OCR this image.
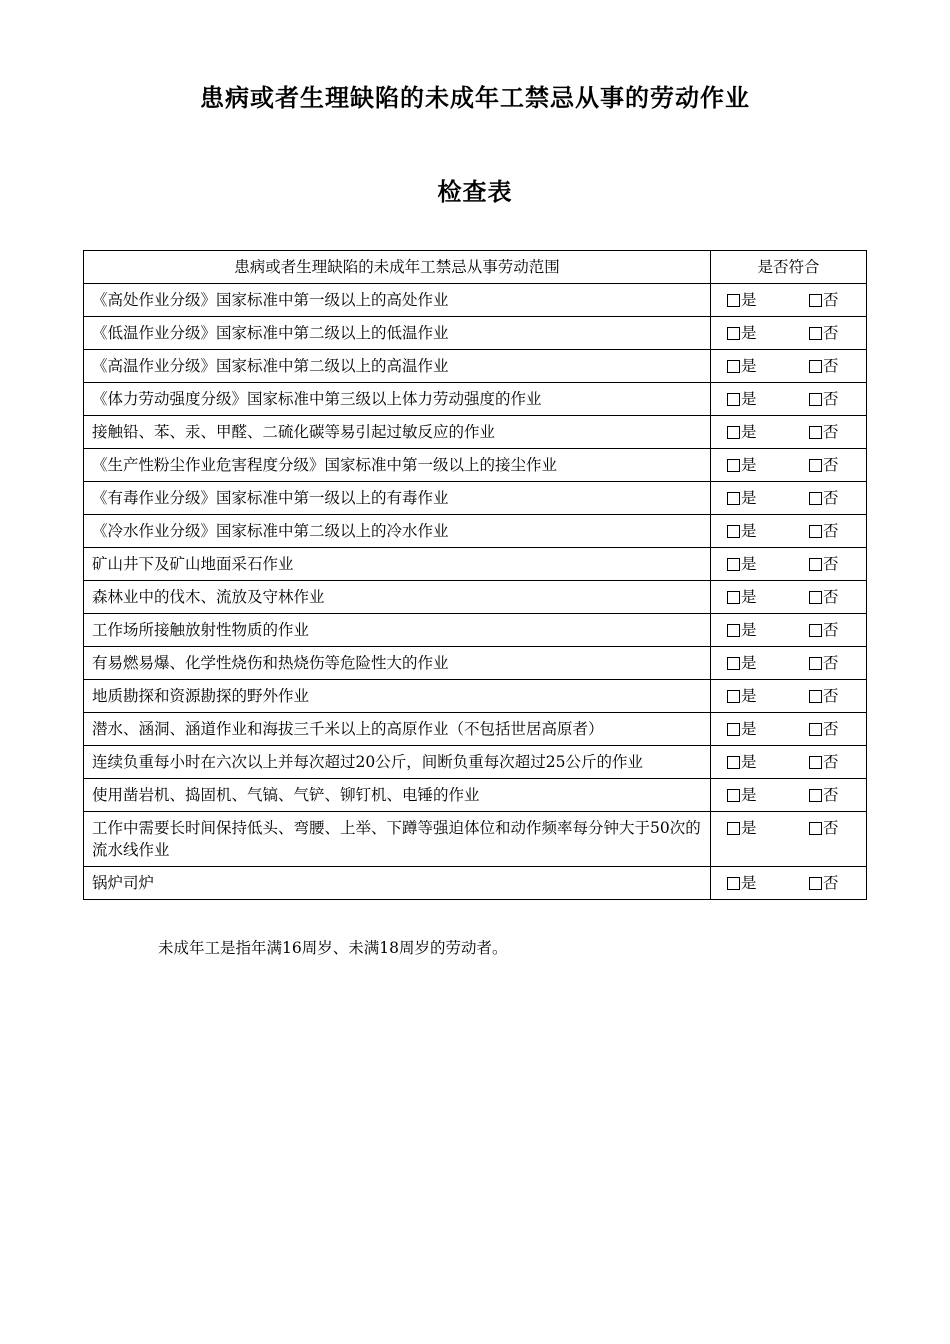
患病或者生理缺陷的未成年工禁忌从事的劳动作业
检查表
患病或者生理缺陷的未成年工禁忌从事劳动范围	是否符合
《高处作业分级》国家标准中第一级以上的高处作业	是 否
《低温作业分级》国家标准中第二级以上的低温作业	是 否
《高温作业分级》国家标准中第二级以上的高温作业	是 否
《体力劳动强度分级》国家标准中第三级以上体力劳动强度的作业	是 否
接触铅、苯、汞、甲醛、二硫化碳等易引起过敏反应的作业	是 否
《生产性粉尘作业危害程度分级》国家标准中第一级以上的接尘作业	是 否
《有毒作业分级》国家标准中第一级以上的有毒作业	是 否
《冷水作业分级》国家标准中第二级以上的冷水作业	是 否
矿山井下及矿山地面采石作业	是 否
森林业中的伐木、流放及守林作业	是 否
工作场所接触放射性物质的作业	是 否
有易燃易爆、化学性烧伤和热烧伤等危险性大的作业	是 否
地质勘探和资源勘探的野外作业	是 否
潜水、涵洞、涵道作业和海拔三千米以上的高原作业（不包括世居高原者）	是 否
连续负重每小时在六次以上并每次超过20公斤，间断负重每次超过25公斤的作业	是 否
使用凿岩机、捣固机、气镐、气铲、铆钉机、电锤的作业	是 否
工作中需要长时间保持低头、弯腰、上举、下蹲等强迫体位和动作频率每分钟大于50次的流水线作业	是 否
锅炉司炉	是 否
未成年工是指年满16周岁、未满18周岁的劳动者。
